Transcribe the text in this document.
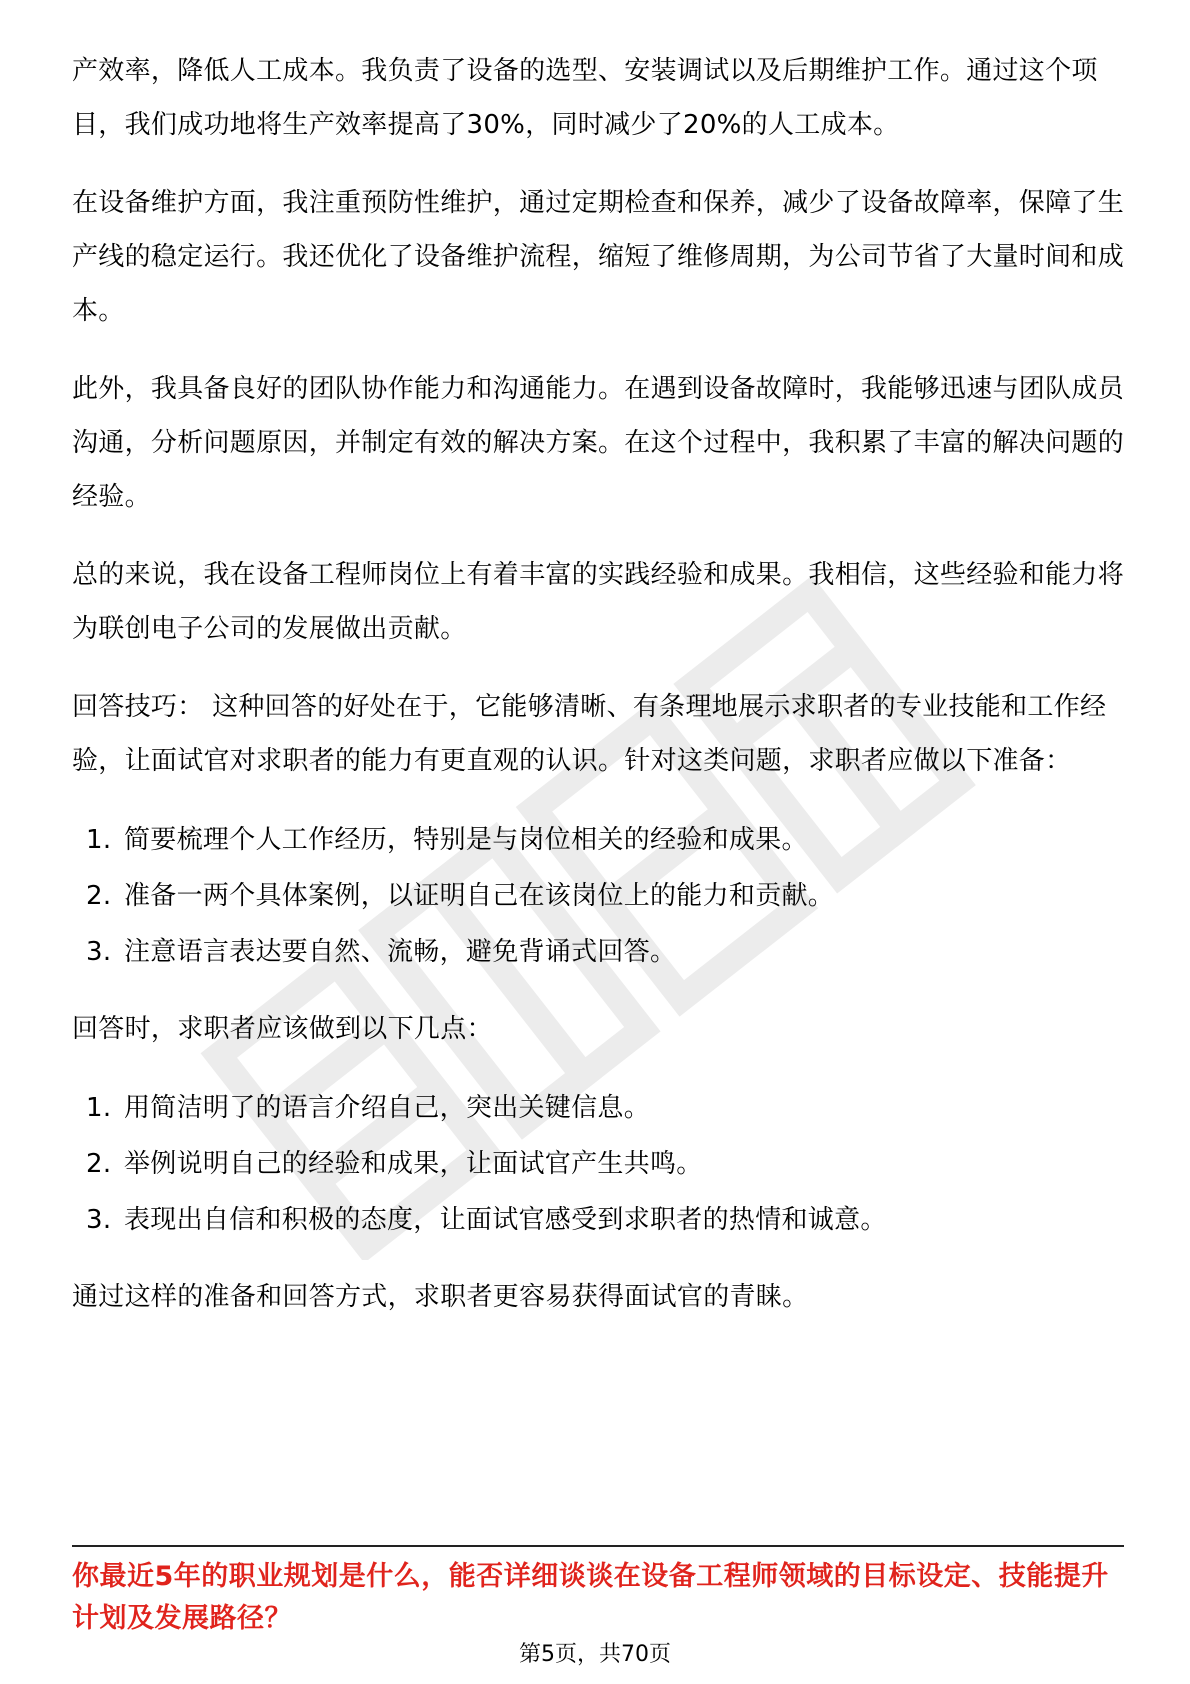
产效率，降低人工成本。我负责了设备的选型、安装调试以及后期维护工作。通过这个项目，我们成功地将生产效率提高了30%，同时减少了20%的人工成本。

在设备维护方面，我注重预防性维护，通过定期检查和保养，减少了设备故障率，保障了生产线的稳定运行。我还优化了设备维护流程，缩短了维修周期，为公司节省了大量时间和成本。

此外，我具备良好的团队协作能力和沟通能力。在遇到设备故障时，我能够迅速与团队成员沟通，分析问题原因，并制定有效的解决方案。在这个过程中，我积累了丰富的解决问题的经验。

总的来说，我在设备工程师岗位上有着丰富的实践经验和成果。我相信，这些经验和能力将为联创电子公司的发展做出贡献。

回答技巧： 这种回答的好处在于，它能够清晰、有条理地展示求职者的专业技能和工作经验，让面试官对求职者的能力有更直观的认识。针对这类问题，求职者应做以下准备：

1. 简要梳理个人工作经历，特别是与岗位相关的经验和成果。
2. 准备一两个具体案例，以证明自己在该岗位上的能力和贡献。
3. 注意语言表达要自然、流畅，避免背诵式回答。

回答时，求职者应该做到以下几点：

1. 用简洁明了的语言介绍自己，突出关键信息。
2. 举例说明自己的经验和成果，让面试官产生共鸣。
3. 表现出自信和积极的态度，让面试官感受到求职者的热情和诚意。

通过这样的准备和回答方式，求职者更容易获得面试官的青睐。

你最近5年的职业规划是什么，能否详细谈谈在设备工程师领域的目标设定、技能提升计划及发展路径？
第5页，共70页
